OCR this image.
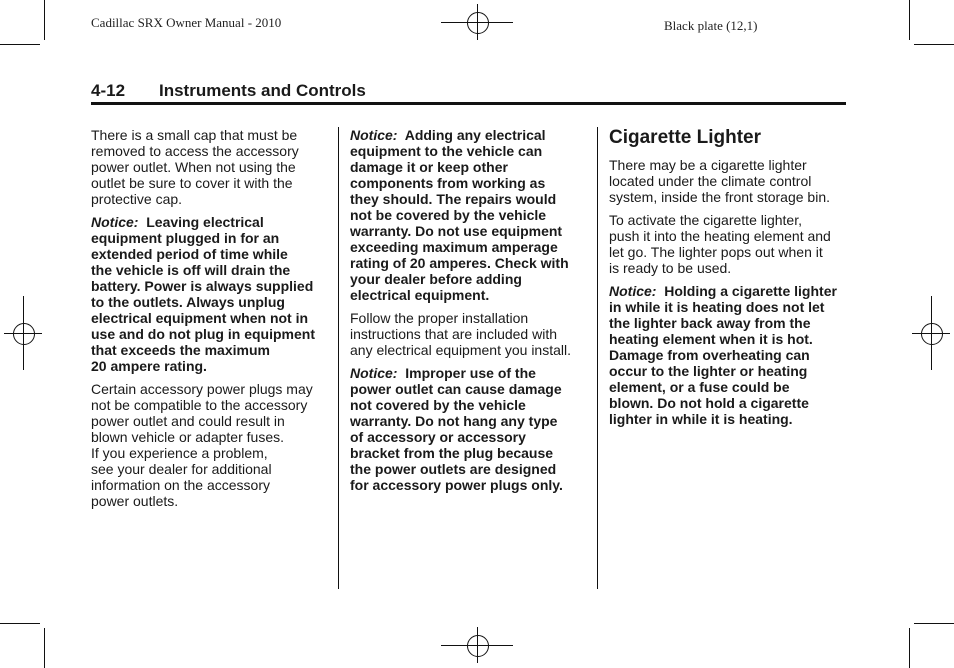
Cadillac SRX Owner Manual - 2010	Black plate (12,1)
4-12 Instruments and Controls

There is a small cap that must be
removed to access the accessory
power outlet. When not using the
outlet be sure to cover it with the
protective cap.

Notice: Leaving electrical
equipment plugged in for an
extended period of time while
the vehicle is off will drain the
battery. Power is always supplied
to the outlets. Always unplug
electrical equipment when not in
use and do not plug in equipment
that exceeds the maximum
20 ampere rating.

Certain accessory power plugs may
not be compatible to the accessory
power outlet and could result in
blown vehicle or adapter fuses.
If you experience a problem,
see your dealer for additional
information on the accessory
power outlets.

Notice: Adding any electrical
equipment to the vehicle can
damage it or keep other
components from working as
they should. The repairs would
not be covered by the vehicle
warranty. Do not use equipment
exceeding maximum amperage
rating of 20 amperes. Check with
your dealer before adding
electrical equipment.

Follow the proper installation
instructions that are included with
any electrical equipment you install.

Notice: Improper use of the
power outlet can cause damage
not covered by the vehicle
warranty. Do not hang any type
of accessory or accessory
bracket from the plug because
the power outlets are designed
for accessory power plugs only.

Cigarette Lighter

There may be a cigarette lighter
located under the climate control
system, inside the front storage bin.

To activate the cigarette lighter,
push it into the heating element and
let go. The lighter pops out when it
is ready to be used.

Notice: Holding a cigarette lighter
in while it is heating does not let
the lighter back away from the
heating element when it is hot.
Damage from overheating can
occur to the lighter or heating
element, or a fuse could be
blown. Do not hold a cigarette
lighter in while it is heating.
